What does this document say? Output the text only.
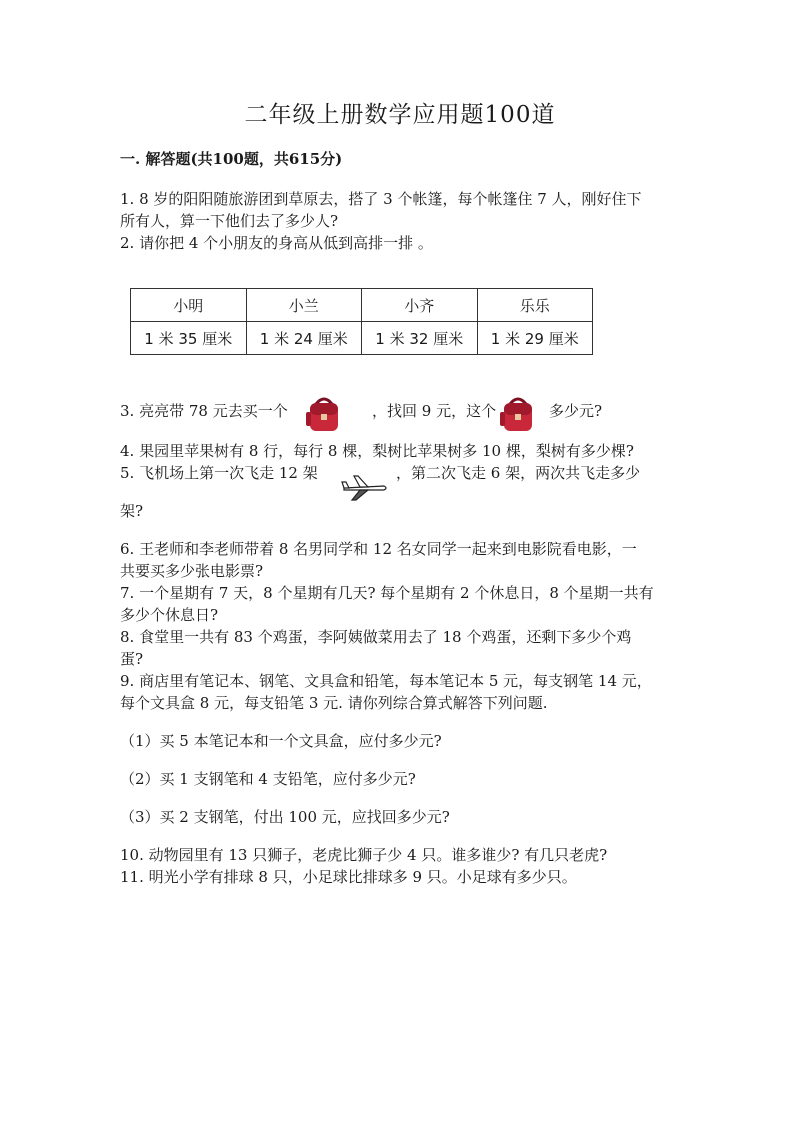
二年级上册数学应用题100道
一. 解答题(共100题，共615分)
1. 8 岁的阳阳随旅游团到草原去，搭了 3 个帐篷，每个帐篷住 7 人，刚好住下
所有人，算一下他们去了多少人?
2. 请你把 4 个小朋友的身高从低到高排一排 。
小明	小兰	小齐	乐乐
1 米 35 厘米	1 米 24 厘米	1 米 32 厘米	1 米 29 厘米
3. 亮亮带 78 元去买一个	，找回 9 元，这个	多少元?
4. 果园里苹果树有 8 行，每行 8 棵，梨树比苹果树多 10 棵，梨树有多少棵?
5. 飞机场上第一次飞走 12 架	，第二次飞走 6 架，两次共飞走多少
架?
6. 王老师和李老师带着 8 名男同学和 12 名女同学一起来到电影院看电影，一
共要买多少张电影票?
7. 一个星期有 7 天，8 个星期有几天? 每个星期有 2 个休息日，8 个星期一共有
多少个休息日?
8. 食堂里一共有 83 个鸡蛋，李阿姨做菜用去了 18 个鸡蛋，还剩下多少个鸡
蛋?
9. 商店里有笔记本、钢笔、文具盒和铅笔，每本笔记本 5 元，每支钢笔 14 元，
每个文具盒 8 元，每支铅笔 3 元. 请你列综合算式解答下列问题.
（1）买 5 本笔记本和一个文具盒，应付多少元?
（2）买 1 支钢笔和 4 支铅笔，应付多少元?
（3）买 2 支钢笔，付出 100 元，应找回多少元?
10. 动物园里有 13 只狮子，老虎比狮子少 4 只。谁多谁少? 有几只老虎?
11. 明光小学有排球 8 只，小足球比排球多 9 只。小足球有多少只。
